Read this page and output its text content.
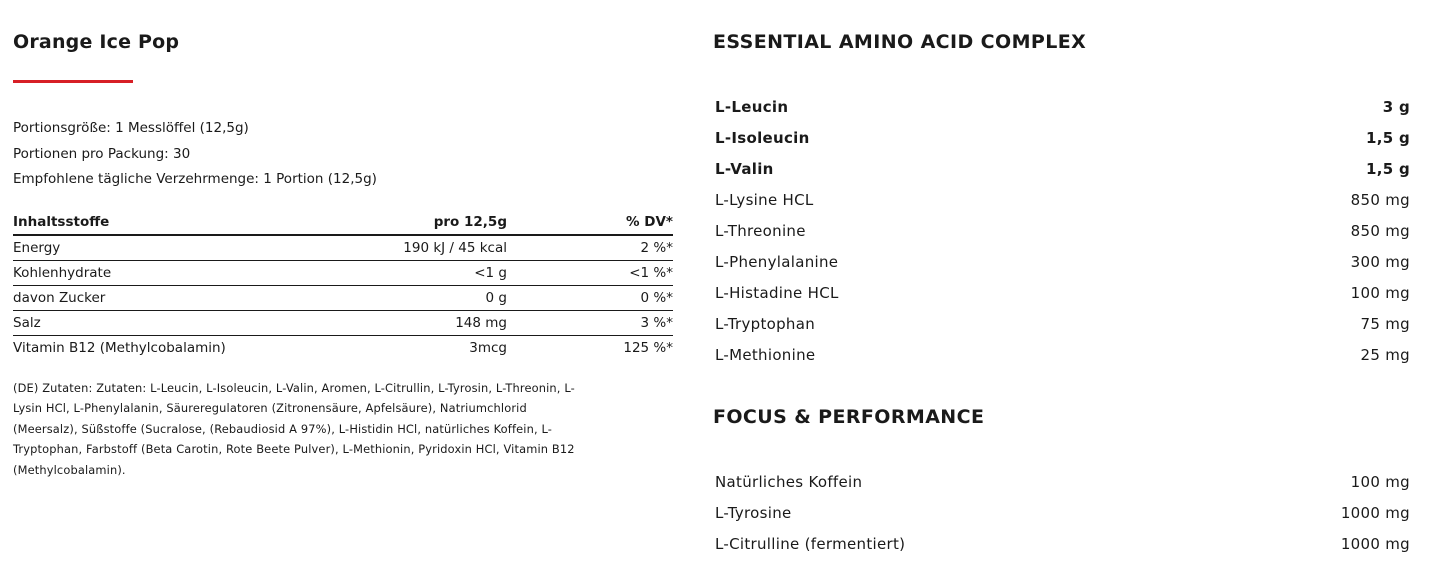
Orange Ice Pop
Portionsgröße: 1 Messlöffel (12,5g)
Portionen pro Packung: 30
Empfohlene tägliche Verzehrmenge: 1 Portion (12,5g)
Inhaltsstoffe	pro 12,5g	% DV*
Energy	190 kJ / 45 kcal	2 %*
Kohlenhydrate	<1 g	<1 %*
davon Zucker	0 g	0 %*
Salz	148 mg	3 %*
Vitamin B12 (Methylcobalamin)	3mcg	125 %*
(DE) Zutaten: Zutaten: L-Leucin, L-Isoleucin, L-Valin, Aromen, L-Citrullin, L-Tyrosin, L-Threonin, L-
Lysin HCl, L-Phenylalanin, Säureregulatoren (Zitronensäure, Apfelsäure), Natriumchlorid
(Meersalz), Süßstoffe (Sucralose, (Rebaudiosid A 97%), L-Histidin HCl, natürliches Koffein, L-
Tryptophan, Farbstoff (Beta Carotin, Rote Beete Pulver), L-Methionin, Pyridoxin HCl, Vitamin B12
(Methylcobalamin).
ESSENTIAL AMINO ACID COMPLEX
L-Leucin	3 g
L-Isoleucin	1,5 g
L-Valin	1,5 g
L-Lysine HCL	850 mg
L-Threonine	850 mg
L-Phenylalanine	300 mg
L-Histadine HCL	100 mg
L-Tryptophan	75 mg
L-Methionine	25 mg
FOCUS & PERFORMANCE
Natürliches Koffein	100 mg
L-Tyrosine	1000 mg
L-Citrulline (fermentiert)	1000 mg
